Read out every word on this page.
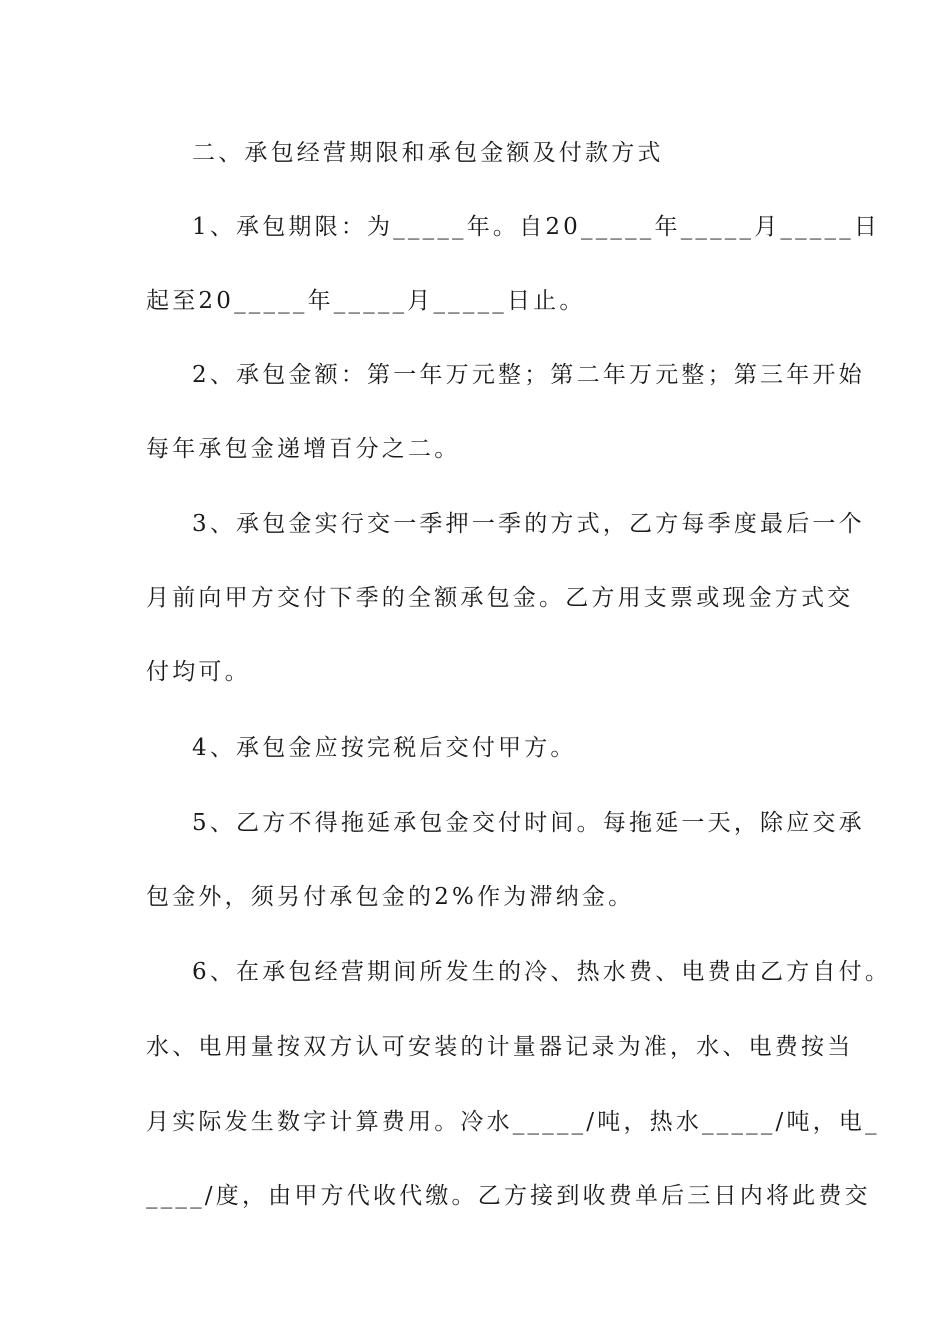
二、承包经营期限和承包金额及付款方式
1、承包期限：为_____年。自20_____年_____月_____日
起至20_____年_____月_____日止。
2、承包金额：第一年万元整；第二年万元整；第三年开始
每年承包金递增百分之二。
3、承包金实行交一季押一季的方式，乙方每季度最后一个
月前向甲方交付下季的全额承包金。乙方用支票或现金方式交
付均可。
4、承包金应按完税后交付甲方。
5、乙方不得拖延承包金交付时间。每拖延一天，除应交承
包金外，须另付承包金的2%作为滞纳金。
6、在承包经营期间所发生的冷、热水费、电费由乙方自付。
水、电用量按双方认可安装的计量器记录为准，水、电费按当
月实际发生数字计算费用。冷水_____/吨，热水_____/吨，电_
____/度，由甲方代收代缴。乙方接到收费单后三日内将此费交
